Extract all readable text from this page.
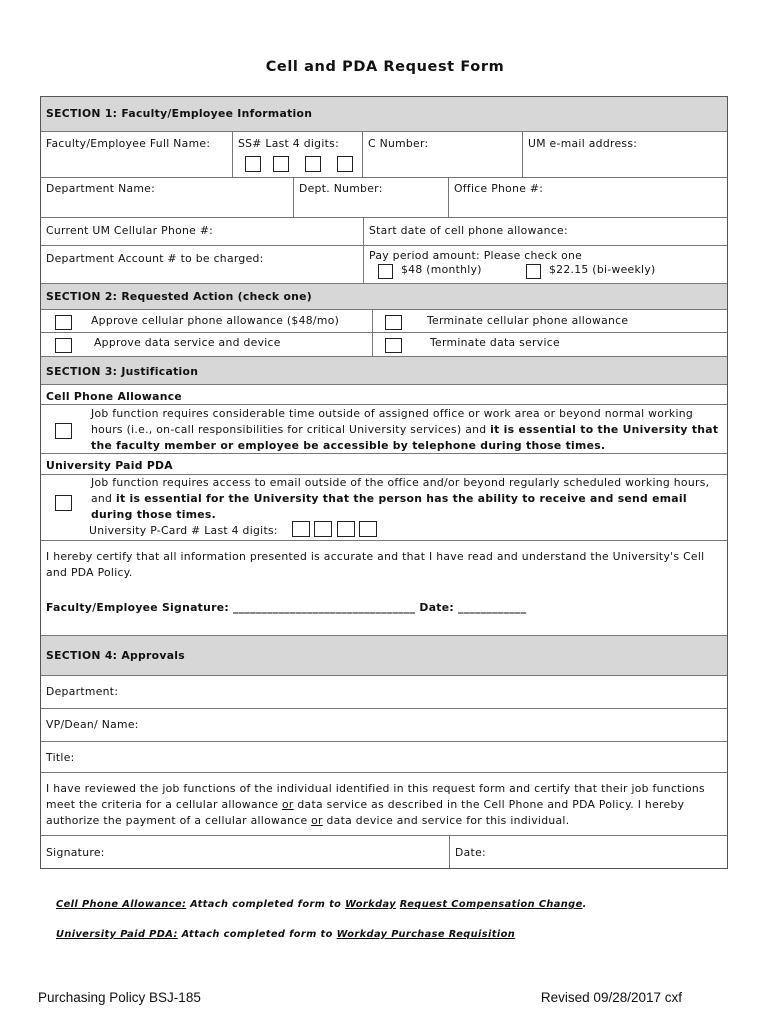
Cell and PDA Request Form
SECTION 1: Faculty/Employee Information
Faculty/Employee Full Name:	SS# Last 4 digits:	C Number:	UM e-mail address:
Department Name:	Dept. Number:	Office Phone #:
Current UM Cellular Phone #:	Start date of cell phone allowance:
Department Account # to be charged:	Pay period amount: Please check one
$48 (monthly)	$22.15 (bi-weekly)
SECTION 2: Requested Action (check one)
Approve cellular phone allowance ($48/mo)	Terminate cellular phone allowance
Approve data service and device	Terminate data service
SECTION 3: Justification
Cell Phone Allowance
Job function requires considerable time outside of assigned office or work area or beyond normal working
hours (i.e., on-call responsibilities for critical University services) and it is essential to the University that
the faculty member or employee be accessible by telephone during those times.
University Paid PDA
Job function requires access to email outside of the office and/or beyond regularly scheduled working hours,
and it is essential for the University that the person has the ability to receive and send email
during those times.
University P-Card # Last 4 digits:
I hereby certify that all information presented is accurate and that I have read and understand the University's Cell
and PDA Policy.
Faculty/Employee Signature: ________________________________ Date: ____________
SECTION 4: Approvals
Department:
VP/Dean/ Name:
Title:
I have reviewed the job functions of the individual identified in this request form and certify that their job functions
meet the criteria for a cellular allowance or data service as described in the Cell Phone and PDA Policy. I hereby
authorize the payment of a cellular allowance or data device and service for this individual.
Signature:	Date:
Cell Phone Allowance: Attach completed form to Workday Request Compensation Change.
University Paid PDA: Attach completed form to Workday Purchase Requisition
Purchasing Policy BSJ-185	Revised 09/28/2017 cxf
